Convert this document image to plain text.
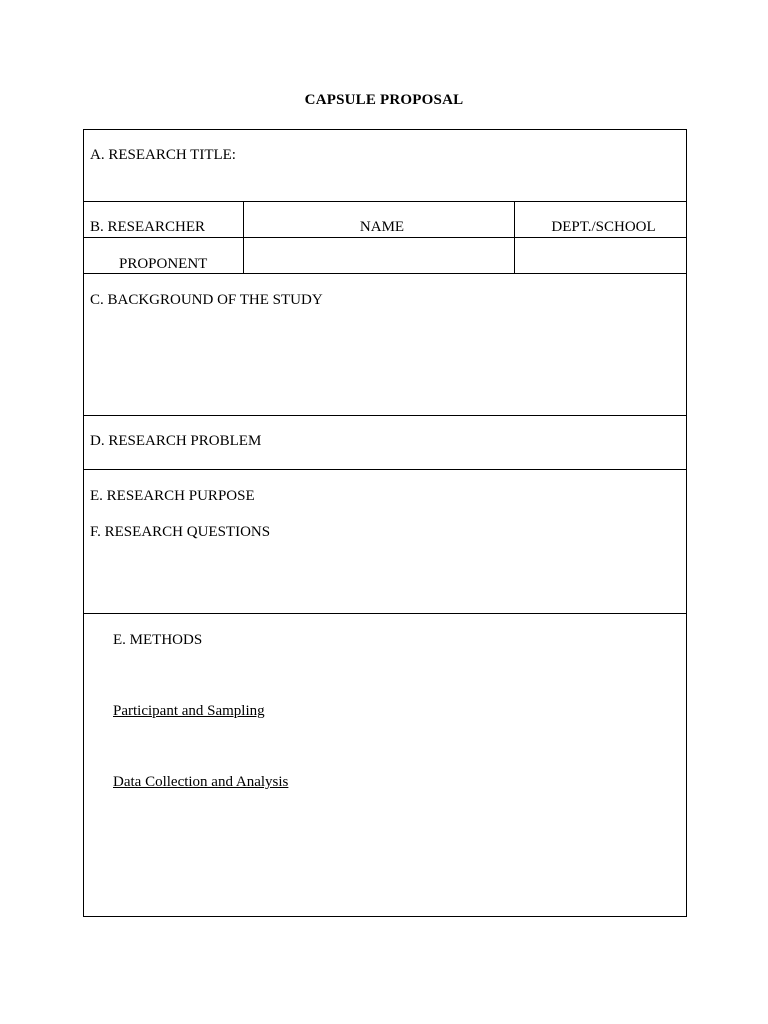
CAPSULE PROPOSAL
A. RESEARCH TITLE:		

B. RESEARCHER	NAME	DEPT./SCHOOL

PROPONENT		

C. BACKGROUND OF THE STUDY		

D. RESEARCH PROBLEM		

E. RESEARCH PURPOSE
F. RESEARCH QUESTIONS		

E. METHODS
Participant and Sampling
Data Collection and Analysis		
